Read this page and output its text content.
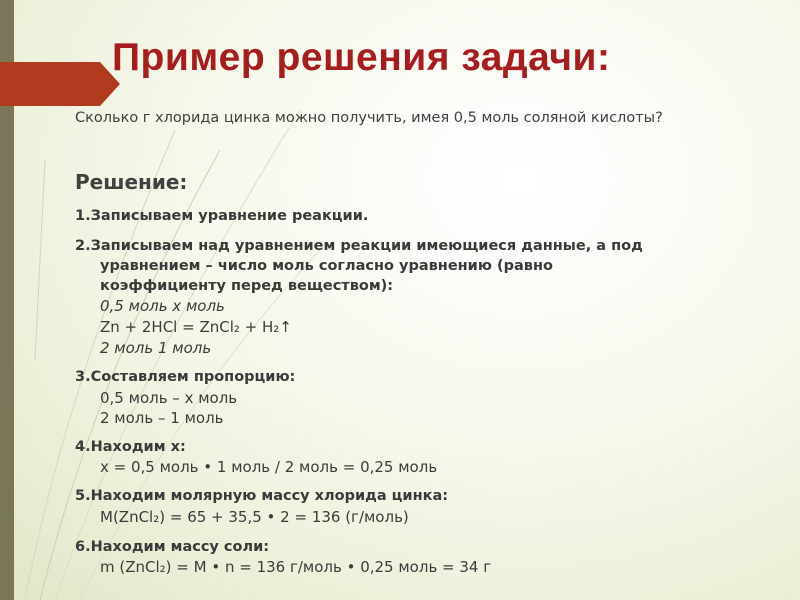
Пример решения задачи:
Сколько г хлорида цинка можно получить, имея 0,5 моль соляной кислоты?
Решение:
1.Записываем уравнение реакции.
2.Записываем над уравнением реакции имеющиеся данные, а под
уравнением – число моль согласно уравнению (равно
коэффициенту перед веществом):
0,5 моль х моль
Zn + 2HCl = ZnCl₂ + H₂↑
2 моль 1 моль
3.Составляем пропорцию:
0,5 моль – х моль
2 моль – 1 моль
4.Находим х:
х = 0,5 моль • 1 моль / 2 моль = 0,25 моль
5.Находим молярную массу хлорида цинка:
M(ZnCl₂) = 65 + 35,5 • 2 = 136 (г/моль)
6.Находим массу соли:
m (ZnCl₂) = M • n = 136 г/моль • 0,25 моль = 34 г
